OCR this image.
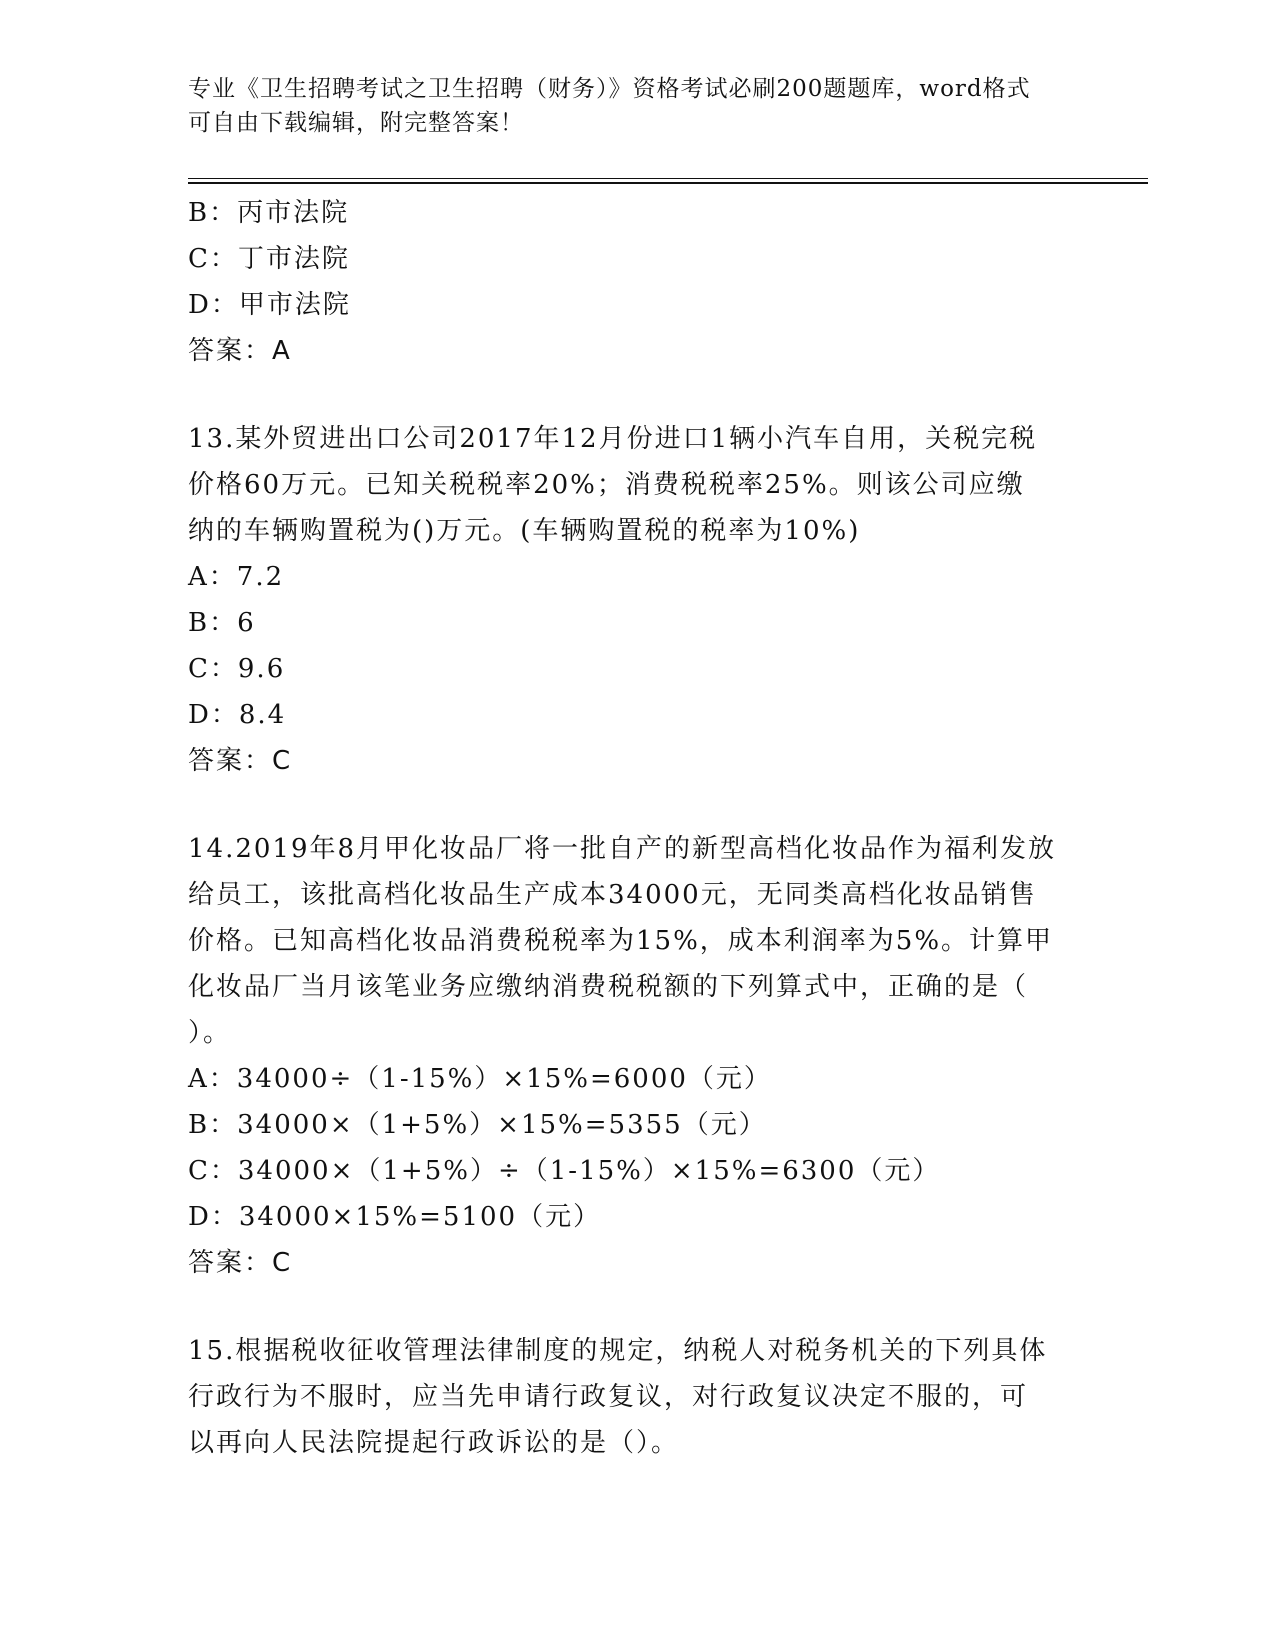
专业《卫生招聘考试之卫生招聘（财务）》资格考试必刷200题题库，word格式
可自由下载编辑，附完整答案！
B：丙市法院
C：丁市法院
D：甲市法院
答案：A
13.某外贸进出口公司2017年12月份进口1辆小汽车自用，关税完税
价格60万元。已知关税税率20%；消费税税率25%。则该公司应缴
纳的车辆购置税为()万元。(车辆购置税的税率为10%)
A：7.2
B：6
C：9.6
D：8.4
答案：C
14.2019年8月甲化妆品厂将一批自产的新型高档化妆品作为福利发放
给员工，该批高档化妆品生产成本34000元，无同类高档化妆品销售
价格。已知高档化妆品消费税税率为15%，成本利润率为5%。计算甲
化妆品厂当月该笔业务应缴纳消费税税额的下列算式中，正确的是（
）。
A：34000÷（1-15%）×15%=6000（元）
B：34000×（1+5%）×15%=5355（元）
C：34000×（1+5%）÷（1-15%）×15%=6300（元）
D：34000×15%=5100（元）
答案：C
15.根据税收征收管理法律制度的规定，纳税人对税务机关的下列具体
行政行为不服时，应当先申请行政复议，对行政复议决定不服的，可
以再向人民法院提起行政诉讼的是（）。
